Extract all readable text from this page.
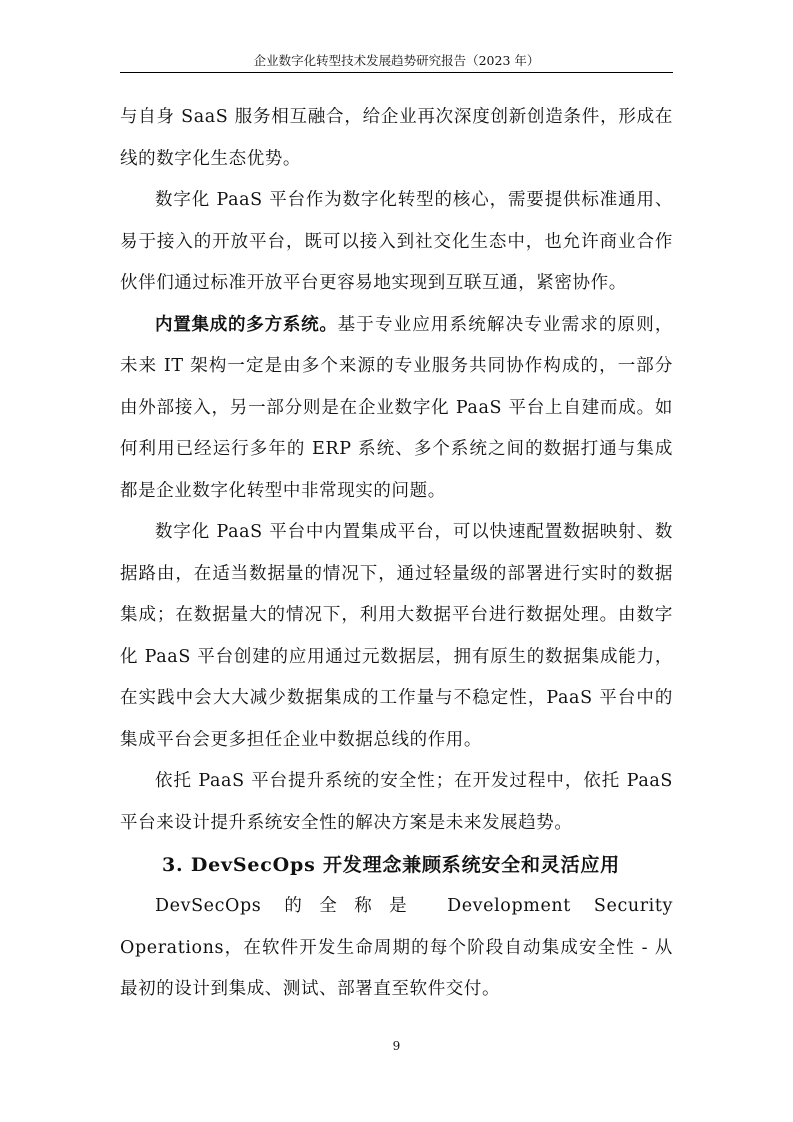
企业数字化转型技术发展趋势研究报告（2023 年）

与自身 SaaS 服务相互融合，给企业再次深度创新创造条件，形成在线的数字化生态优势。

数字化 PaaS 平台作为数字化转型的核心，需要提供标准通用、易于接入的开放平台，既可以接入到社交化生态中，也允许商业合作伙伴们通过标准开放平台更容易地实现到互联互通，紧密协作。

内置集成的多方系统。基于专业应用系统解决专业需求的原则，未来 IT 架构一定是由多个来源的专业服务共同协作构成的，一部分由外部接入，另一部分则是在企业数字化 PaaS 平台上自建而成。如何利用已经运行多年的 ERP 系统、多个系统之间的数据打通与集成都是企业数字化转型中非常现实的问题。

数字化 PaaS 平台中内置集成平台，可以快速配置数据映射、数据路由，在适当数据量的情况下，通过轻量级的部署进行实时的数据集成；在数据量大的情况下，利用大数据平台进行数据处理。由数字化 PaaS 平台创建的应用通过元数据层，拥有原生的数据集成能力，在实践中会大大减少数据集成的工作量与不稳定性，PaaS 平台中的集成平台会更多担任企业中数据总线的作用。

依托 PaaS 平台提升系统的安全性；在开发过程中，依托 PaaS 平台来设计提升系统安全性的解决方案是未来发展趋势。

3. DevSecOps 开发理念兼顾系统安全和灵活应用

DevSecOps 的全称是 Development Security Operations，在软件开发生命周期的每个阶段自动集成安全性 - 从最初的设计到集成、测试、部署直至软件交付。

9
